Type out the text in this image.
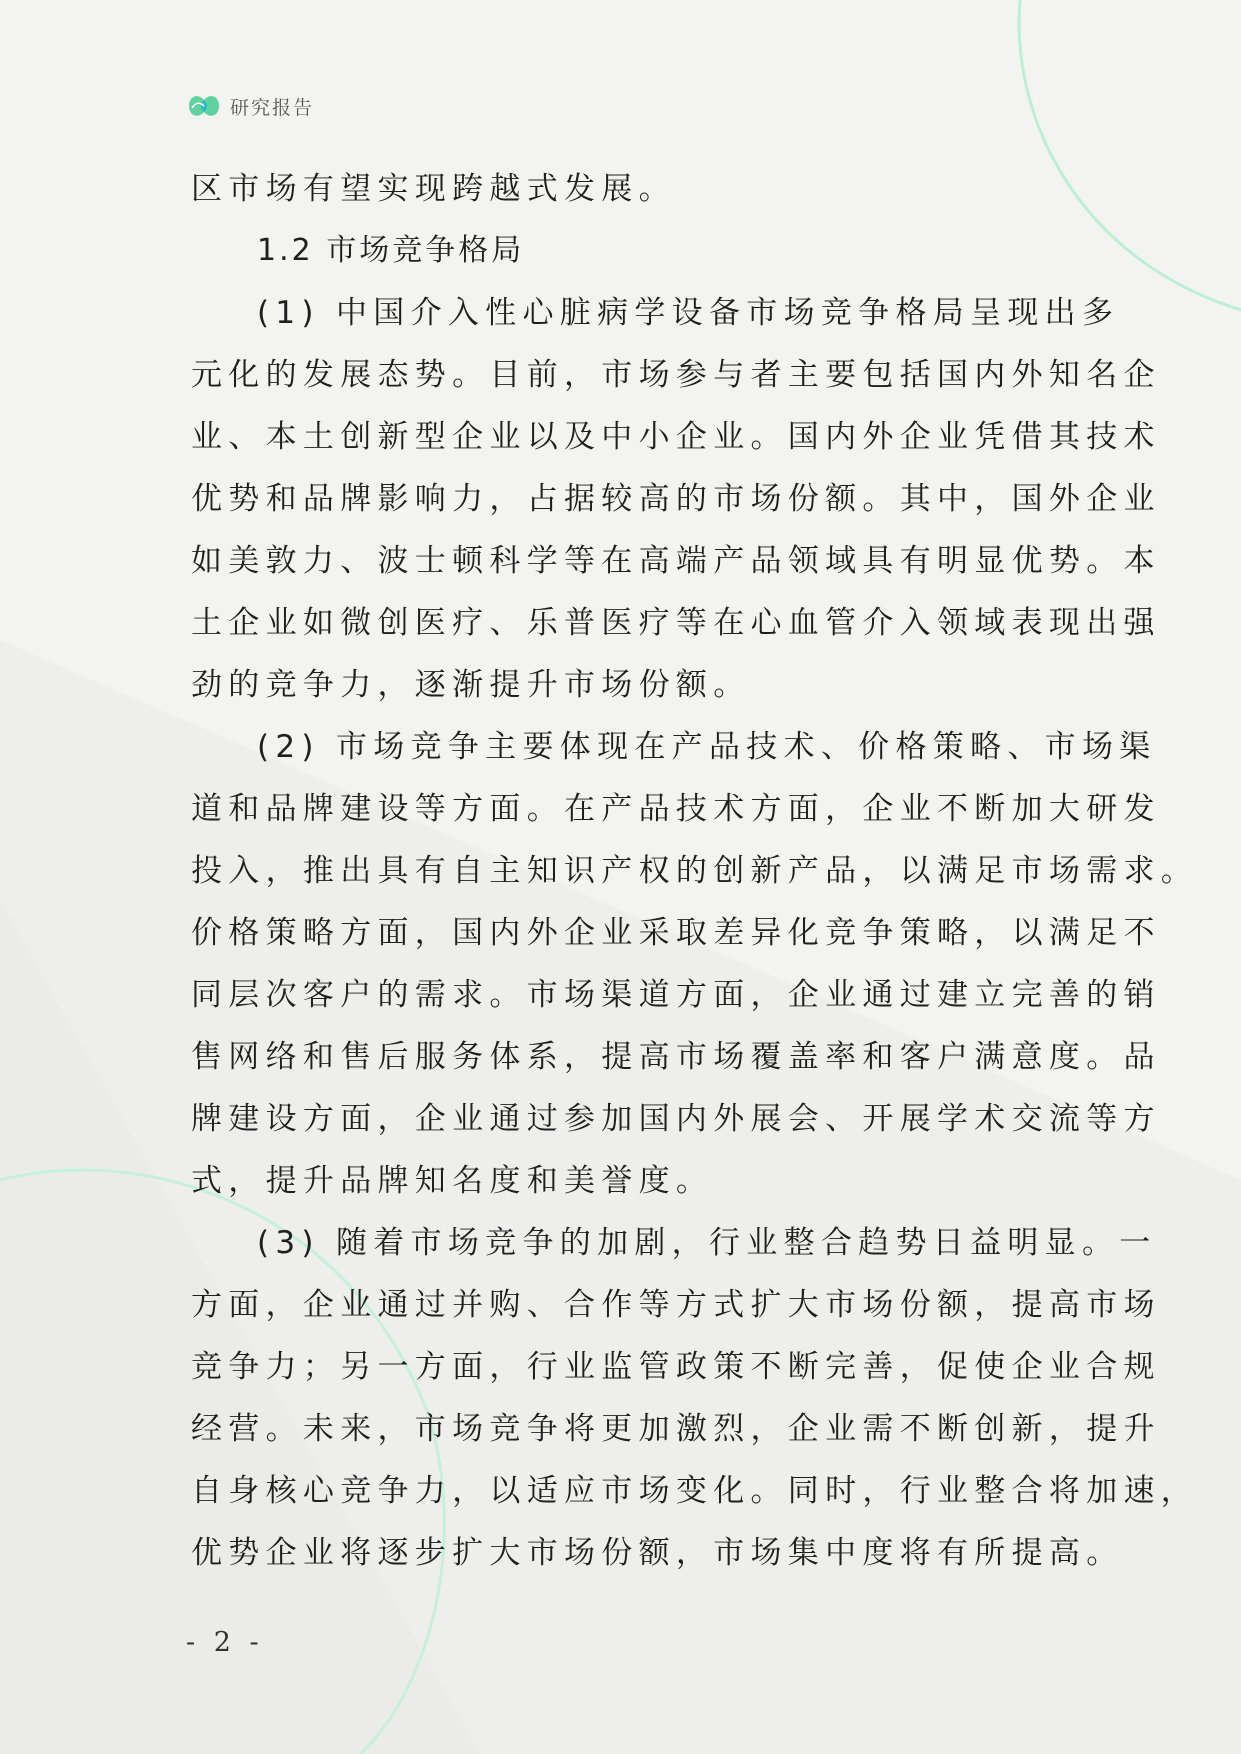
研究报告
区市场有望实现跨越式发展。
1.2 市场竞争格局
(1) 中国介入性心脏病学设备市场竞争格局呈现出多
元化的发展态势。目前，市场参与者主要包括国内外知名企
业、本土创新型企业以及中小企业。国内外企业凭借其技术
优势和品牌影响力，占据较高的市场份额。其中，国外企业
如美敦力、波士顿科学等在高端产品领域具有明显优势。本
土企业如微创医疗、乐普医疗等在心血管介入领域表现出强
劲的竞争力，逐渐提升市场份额。
(2) 市场竞争主要体现在产品技术、价格策略、市场渠
道和品牌建设等方面。在产品技术方面，企业不断加大研发
投入，推出具有自主知识产权的创新产品，以满足市场需求。
价格策略方面，国内外企业采取差异化竞争策略，以满足不
同层次客户的需求。市场渠道方面，企业通过建立完善的销
售网络和售后服务体系，提高市场覆盖率和客户满意度。品
牌建设方面，企业通过参加国内外展会、开展学术交流等方
式，提升品牌知名度和美誉度。
(3) 随着市场竞争的加剧，行业整合趋势日益明显。一
方面，企业通过并购、合作等方式扩大市场份额，提高市场
竞争力；另一方面，行业监管政策不断完善，促使企业合规
经营。未来，市场竞争将更加激烈，企业需不断创新，提升
自身核心竞争力，以适应市场变化。同时，行业整合将加速，
优势企业将逐步扩大市场份额，市场集中度将有所提高。
- 2 -
